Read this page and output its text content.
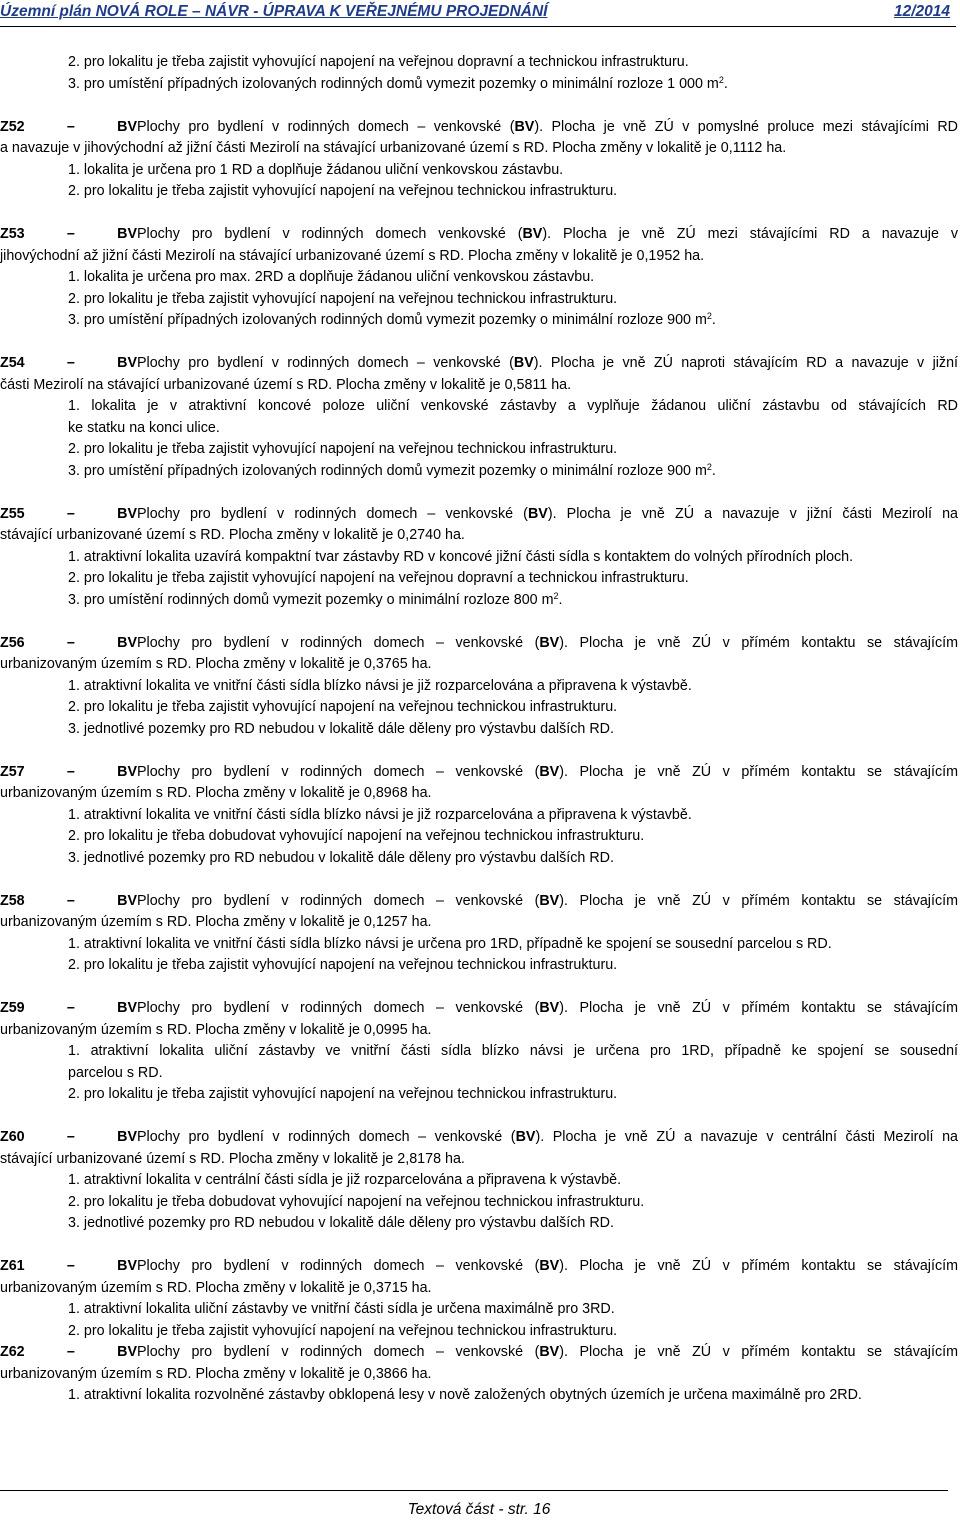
Územní plán NOVÁ ROLE – NÁVR - ÚPRAVA K VEŘEJNÉMU PROJEDNÁNÍ	12/2014
2. pro lokalitu je třeba zajistit vyhovující napojení na veřejnou dopravní a technickou infrastrukturu.
3. pro umístění případných izolovaných rodinných domů vymezit pozemky o minimální rozloze 1 000 $m^2$.
Z52 – BVPlochy pro bydlení v rodinných domech – venkovské (BV). Plocha je vně ZÚ v pomyslné proluce mezi stávajícími RD
a navazuje v jihovýchodní až jižní části Mezirolí na stávající urbanizované území s RD. Plocha změny v lokalitě je 0,1112 ha.
1. lokalita je určena pro 1 RD a doplňuje žádanou uliční venkovskou zástavbu.
2. pro lokalitu je třeba zajistit vyhovující napojení na veřejnou technickou infrastrukturu.
Z53 – BVPlochy pro bydlení v rodinných domech venkovské (BV). Plocha je vně ZÚ mezi stávajícími RD a navazuje v
jihovýchodní až jižní části Mezirolí na stávající urbanizované území s RD. Plocha změny v lokalitě je 0,1952 ha.
1. lokalita je určena pro max. 2RD a doplňuje žádanou uliční venkovskou zástavbu.
2. pro lokalitu je třeba zajistit vyhovující napojení na veřejnou technickou infrastrukturu.
3. pro umístění případných izolovaných rodinných domů vymezit pozemky o minimální rozloze 900 $m^2$.
Z54 – BVPlochy pro bydlení v rodinných domech – venkovské (BV). Plocha je vně ZÚ naproti stávajícím RD a navazuje v jižní
části Mezirolí na stávající urbanizované území s RD. Plocha změny v lokalitě je 0,5811 ha.
1. lokalita je v atraktivní koncové poloze uliční venkovské zástavby a vyplňuje žádanou uliční zástavbu od stávajících RD
ke statku na konci ulice.
2. pro lokalitu je třeba zajistit vyhovující napojení na veřejnou technickou infrastrukturu.
3. pro umístění případných izolovaných rodinných domů vymezit pozemky o minimální rozloze 900 $m^2$.
Z55 – BVPlochy pro bydlení v rodinných domech – venkovské (BV). Plocha je vně ZÚ a navazuje v jižní části Mezirolí na
stávající urbanizované území s RD. Plocha změny v lokalitě je 0,2740 ha.
1. atraktivní lokalita uzavírá kompaktní tvar zástavby RD v koncové jižní části sídla s kontaktem do volných přírodních ploch.
2. pro lokalitu je třeba zajistit vyhovující napojení na veřejnou dopravní a technickou infrastrukturu.
3. pro umístění rodinných domů vymezit pozemky o minimální rozloze 800 $m^2$.
Z56 – BVPlochy pro bydlení v rodinných domech – venkovské (BV). Plocha je vně ZÚ v přímém kontaktu se stávajícím
urbanizovaným územím s RD. Plocha změny v lokalitě je 0,3765 ha.
1. atraktivní lokalita ve vnitřní části sídla blízko návsi je již rozparcelována a připravena k výstavbě.
2. pro lokalitu je třeba zajistit vyhovující napojení na veřejnou technickou infrastrukturu.
3. jednotlivé pozemky pro RD nebudou v lokalitě dále děleny pro výstavbu dalších RD.
Z57 – BVPlochy pro bydlení v rodinných domech – venkovské (BV). Plocha je vně ZÚ v přímém kontaktu se stávajícím
urbanizovaným územím s RD. Plocha změny v lokalitě je 0,8968 ha.
1. atraktivní lokalita ve vnitřní části sídla blízko návsi je již rozparcelována a připravena k výstavbě.
2. pro lokalitu je třeba dobudovat vyhovující napojení na veřejnou technickou infrastrukturu.
3. jednotlivé pozemky pro RD nebudou v lokalitě dále děleny pro výstavbu dalších RD.
Z58 – BVPlochy pro bydlení v rodinných domech – venkovské (BV). Plocha je vně ZÚ v přímém kontaktu se stávajícím
urbanizovaným územím s RD. Plocha změny v lokalitě je 0,1257 ha.
1. atraktivní lokalita ve vnitřní části sídla blízko návsi je určena pro 1RD, případně ke spojení se sousední parcelou s RD.
2. pro lokalitu je třeba zajistit vyhovující napojení na veřejnou technickou infrastrukturu.
Z59 – BVPlochy pro bydlení v rodinných domech – venkovské (BV). Plocha je vně ZÚ v přímém kontaktu se stávajícím
urbanizovaným územím s RD. Plocha změny v lokalitě je 0,0995 ha.
1. atraktivní lokalita uliční zástavby ve vnitřní části sídla blízko návsi je určena pro 1RD, případně ke spojení se sousední
parcelou s RD.
2. pro lokalitu je třeba zajistit vyhovující napojení na veřejnou technickou infrastrukturu.
Z60 – BVPlochy pro bydlení v rodinných domech – venkovské (BV). Plocha je vně ZÚ a navazuje v centrální části Mezirolí na
stávající urbanizované území s RD. Plocha změny v lokalitě je 2,8178 ha.
1. atraktivní lokalita v centrální části sídla je již rozparcelována a připravena k výstavbě.
2. pro lokalitu je třeba dobudovat vyhovující napojení na veřejnou technickou infrastrukturu.
3. jednotlivé pozemky pro RD nebudou v lokalitě dále děleny pro výstavbu dalších RD.
Z61 – BVPlochy pro bydlení v rodinných domech – venkovské (BV). Plocha je vně ZÚ v přímém kontaktu se stávajícím
urbanizovaným územím s RD. Plocha změny v lokalitě je 0,3715 ha.
1. atraktivní lokalita uliční zástavby ve vnitřní části sídla je určena maximálně pro 3RD.
2. pro lokalitu je třeba zajistit vyhovující napojení na veřejnou technickou infrastrukturu.
Z62 – BVPlochy pro bydlení v rodinných domech – venkovské (BV). Plocha je vně ZÚ v přímém kontaktu se stávajícím
urbanizovaným územím s RD. Plocha změny v lokalitě je 0,3866 ha.
1. atraktivní lokalita rozvolněné zástavby obklopená lesy v nově založených obytných územích je určena maximálně pro 2RD.
Textová část - str. 16
